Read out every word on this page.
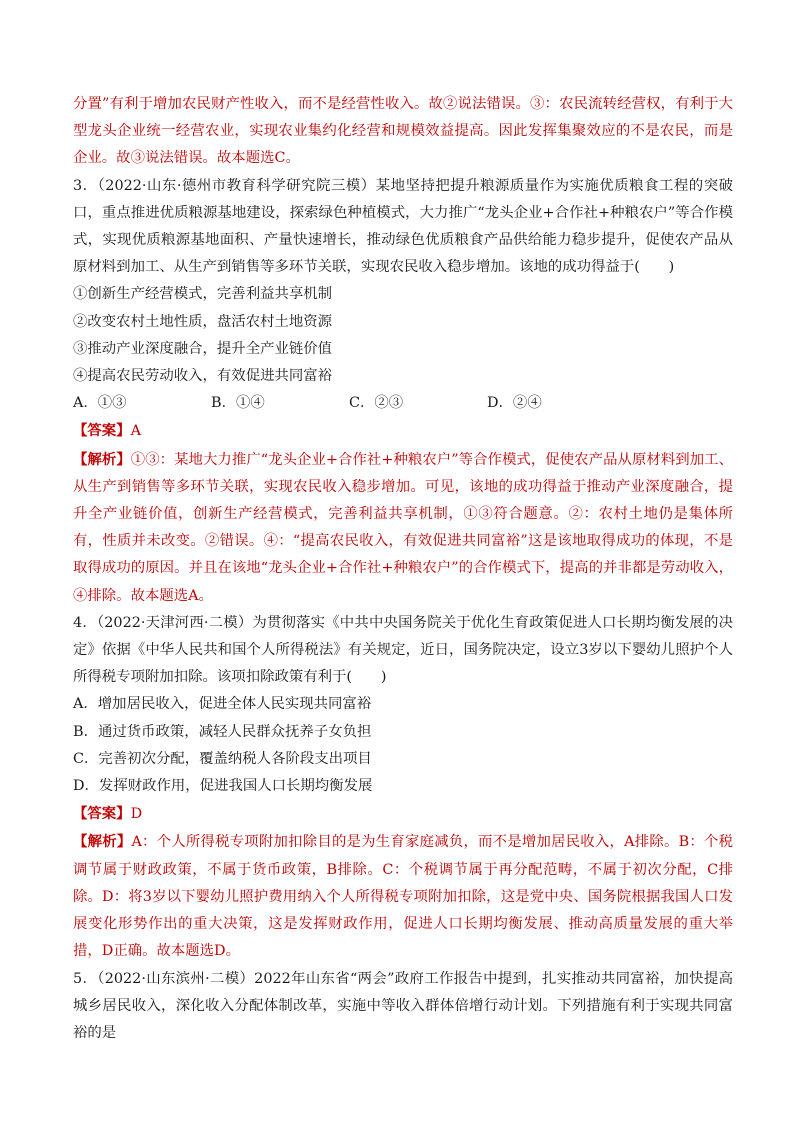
分置”有利于增加农民财产性收入，而不是经营性收入。故②说法错误。③：农民流转经营权，有利于大型龙头企业统一经营农业，实现农业集约化经营和规模效益提高。因此发挥集聚效应的不是农民，而是企业。故③说法错误。故本题选C。

3．（2022·山东·德州市教育科学研究院三模）某地坚持把提升粮源质量作为实施优质粮食工程的突破口，重点推进优质粮源基地建设，探索绿色种植模式，大力推广“龙头企业+合作社+种粮农户”等合作模式，实现优质粮源基地面积、产量快速增长，推动绿色优质粮食产品供给能力稳步提升，促使农产品从原材料到加工、从生产到销售等多环节关联，实现农民收入稳步增加。该地的成功得益于(　　)

①创新生产经营模式，完善利益共享机制

②改变农村土地性质，盘活农村土地资源

③推动产业深度融合，提升全产业链价值

④提高农民劳动收入，有效促进共同富裕

A．①③	B．①④	C．②③	D．②④

【答案】A

【解析】①③：某地大力推广“龙头企业+合作社+种粮农户”等合作模式，促使农产品从原材料到加工、从生产到销售等多环节关联，实现农民收入稳步增加。可见，该地的成功得益于推动产业深度融合，提升全产业链价值，创新生产经营模式，完善利益共享机制，①③符合题意。②：农村土地仍是集体所有，性质并未改变。②错误。④：“提高农民收入，有效促进共同富裕”这是该地取得成功的体现，不是取得成功的原因。并且在该地“龙头企业+合作社+种粮农户”的合作模式下，提高的并非都是劳动收入，④排除。故本题选A。

4．（2022·天津河西·二模）为贯彻落实《中共中央国务院关于优化生育政策促进人口长期均衡发展的决定》依据《中华人民共和国个人所得税法》有关规定，近日，国务院决定，设立3岁以下婴幼儿照护个人所得税专项附加扣除。该项扣除政策有利于(　　)

A．增加居民收入，促进全体人民实现共同富裕

B．通过货币政策，减轻人民群众抚养子女负担

C．完善初次分配，覆盖纳税人各阶段支出项目

D．发挥财政作用，促进我国人口长期均衡发展

【答案】D

【解析】A：个人所得税专项附加扣除目的是为生育家庭减负，而不是增加居民收入，A排除。B：个税调节属于财政政策，不属于货币政策，B排除。C：个税调节属于再分配范畴，不属于初次分配，C排除。D：将3岁以下婴幼儿照护费用纳入个人所得税专项附加扣除，这是党中央、国务院根据我国人口发展变化形势作出的重大决策，这是发挥财政作用，促进人口长期均衡发展、推动高质量发展的重大举措，D正确。故本题选D。

5．（2022·山东滨州·二模）2022年山东省“两会”政府工作报告中提到，扎实推动共同富裕，加快提高城乡居民收入，深化收入分配体制改革，实施中等收入群体倍增行动计划。下列措施有利于实现共同富裕的是
